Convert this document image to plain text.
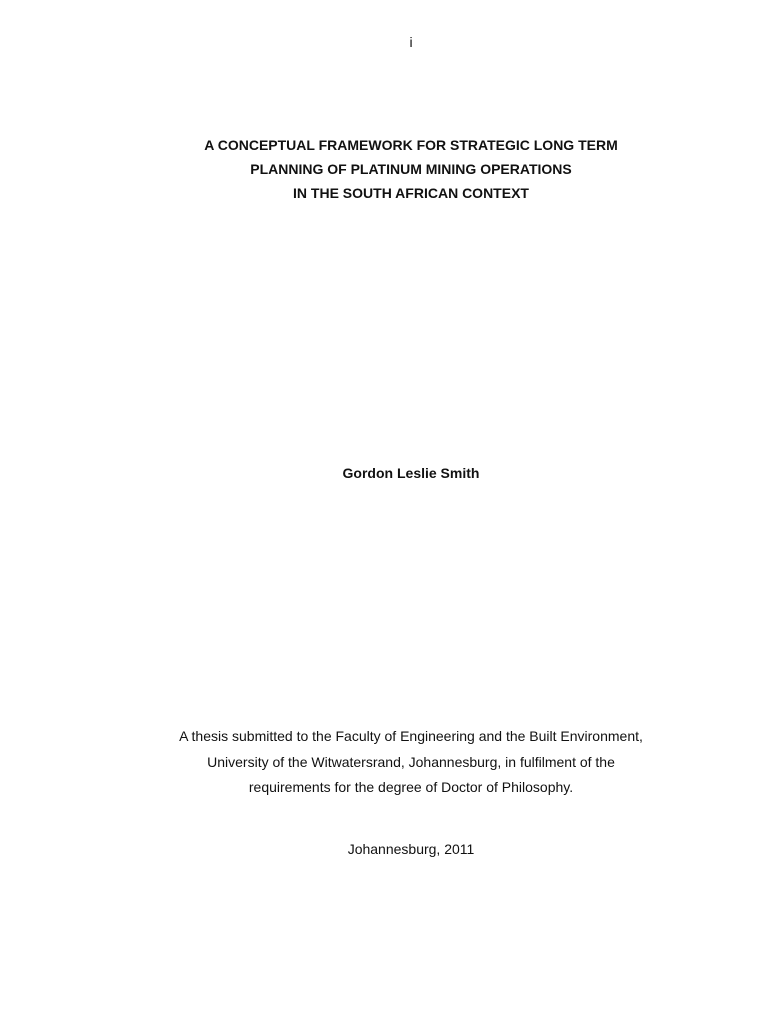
i
A CONCEPTUAL FRAMEWORK FOR STRATEGIC LONG TERM
PLANNING OF PLATINUM MINING OPERATIONS
IN THE SOUTH AFRICAN CONTEXT
Gordon Leslie Smith
A thesis submitted to the Faculty of Engineering and the Built Environment,
University of the Witwatersrand, Johannesburg, in fulfilment of the
requirements for the degree of Doctor of Philosophy.
Johannesburg, 2011
